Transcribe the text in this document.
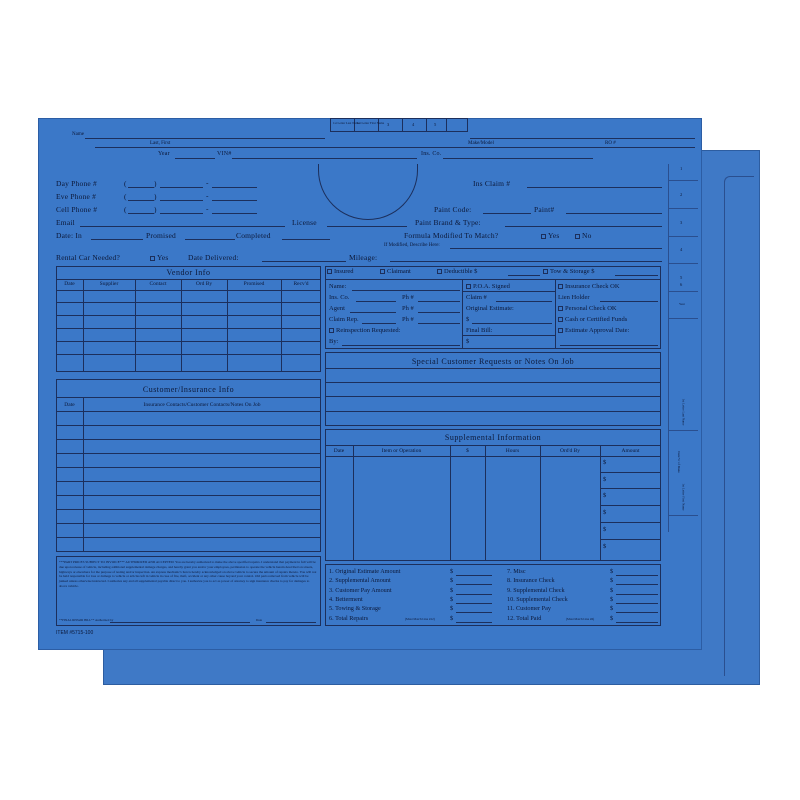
1st Letter Last Name
1st Letter First Name 3	4	5
Name
Last, First	Make/Model	RO #
Year	VIN#	Ins. Co.
Day Phone #	(	)	-
Eve Phone #	(	)	-
Cell Phone #	(	)	-
Email	License
Date: In	Promised	Completed
Ins Claim #
Paint Code:	Paint#
Paint Brand & Type:
Formula Modified To Match?	Yes	No
If Modified, Describe Here:
Rental Car Needed?	Yes	Date Delivered:	Mileage:
Vendor Info
Date	Supplier	Contact	Ord By	Promised	Recv'd
Insured	Claimant	Deductible $	Tow & Storage $
Name:
Ins. Co.	Ph #
Agent	Ph #
Claim Rep.	Ph #
Reinspection Requested:
By:
P.O.A. Signed
Claim #
Original Estimate:
$
Final Bill:
$
Insurance Check OK
Lien Holder
Personal Check OK
Cash or Certified Funds
Estimate Approval Date:
Special Customer Requests or Notes On Job
Customer/Insurance Info
Date	Insurance Contacts/Customer Contacts/Notes On Job
Supplemental Information
Date	Item or Operation	$	Hours	Ord'd By	Amount
$
$
$
$
$
$
***PART PRICES SUBJECT TO INVOICE*** AUTHORIZED AND ACCEPTED: You are hereby authorized to make the above specified repairs. I understand that payment in full will be due upon release of vehicle, including additional supplemental damage charges, and hereby grant you and/or your employees, permission to operate the vehicle herein described on streets, highways or elsewhere for the purpose of testing and/or inspection. An express mechanic's lien is hereby acknowledged on above vehicle to secure the amount of repairs thereto. You will not be held responsible for loss or damage to vehicle or articles left in vehicle in case of fire, theft, accident or any other cause beyond your control. Old parts removed from vehicle will be junked unless otherwise instructed. I authorize any and all supplemental payable direct to you. I authorize you to act as power of attorney to sign insurance checks to pay for damages to above vehicle.
**FINAL REPAIR BILL** Authorized by	Date
ITEM #5715-100
1
2
3
4
5
6
Year
1st Letter Last Name
Date/Yr of Make
1st Letter First Name
1. Original Estimate Amount	$	7. Misc	$
2. Supplemental Amount	$	8. Insurance Check	$
3. Customer Pay Amount	$	9. Supplemental Check	$
4. Betterment	$	10. Supplemental Check	$
5. Towing & Storage	$	11. Customer Pay	$
6. Total Repairs	$	12. Total Paid	$
(Must Match Line #12)	(Must Match Line #6)
